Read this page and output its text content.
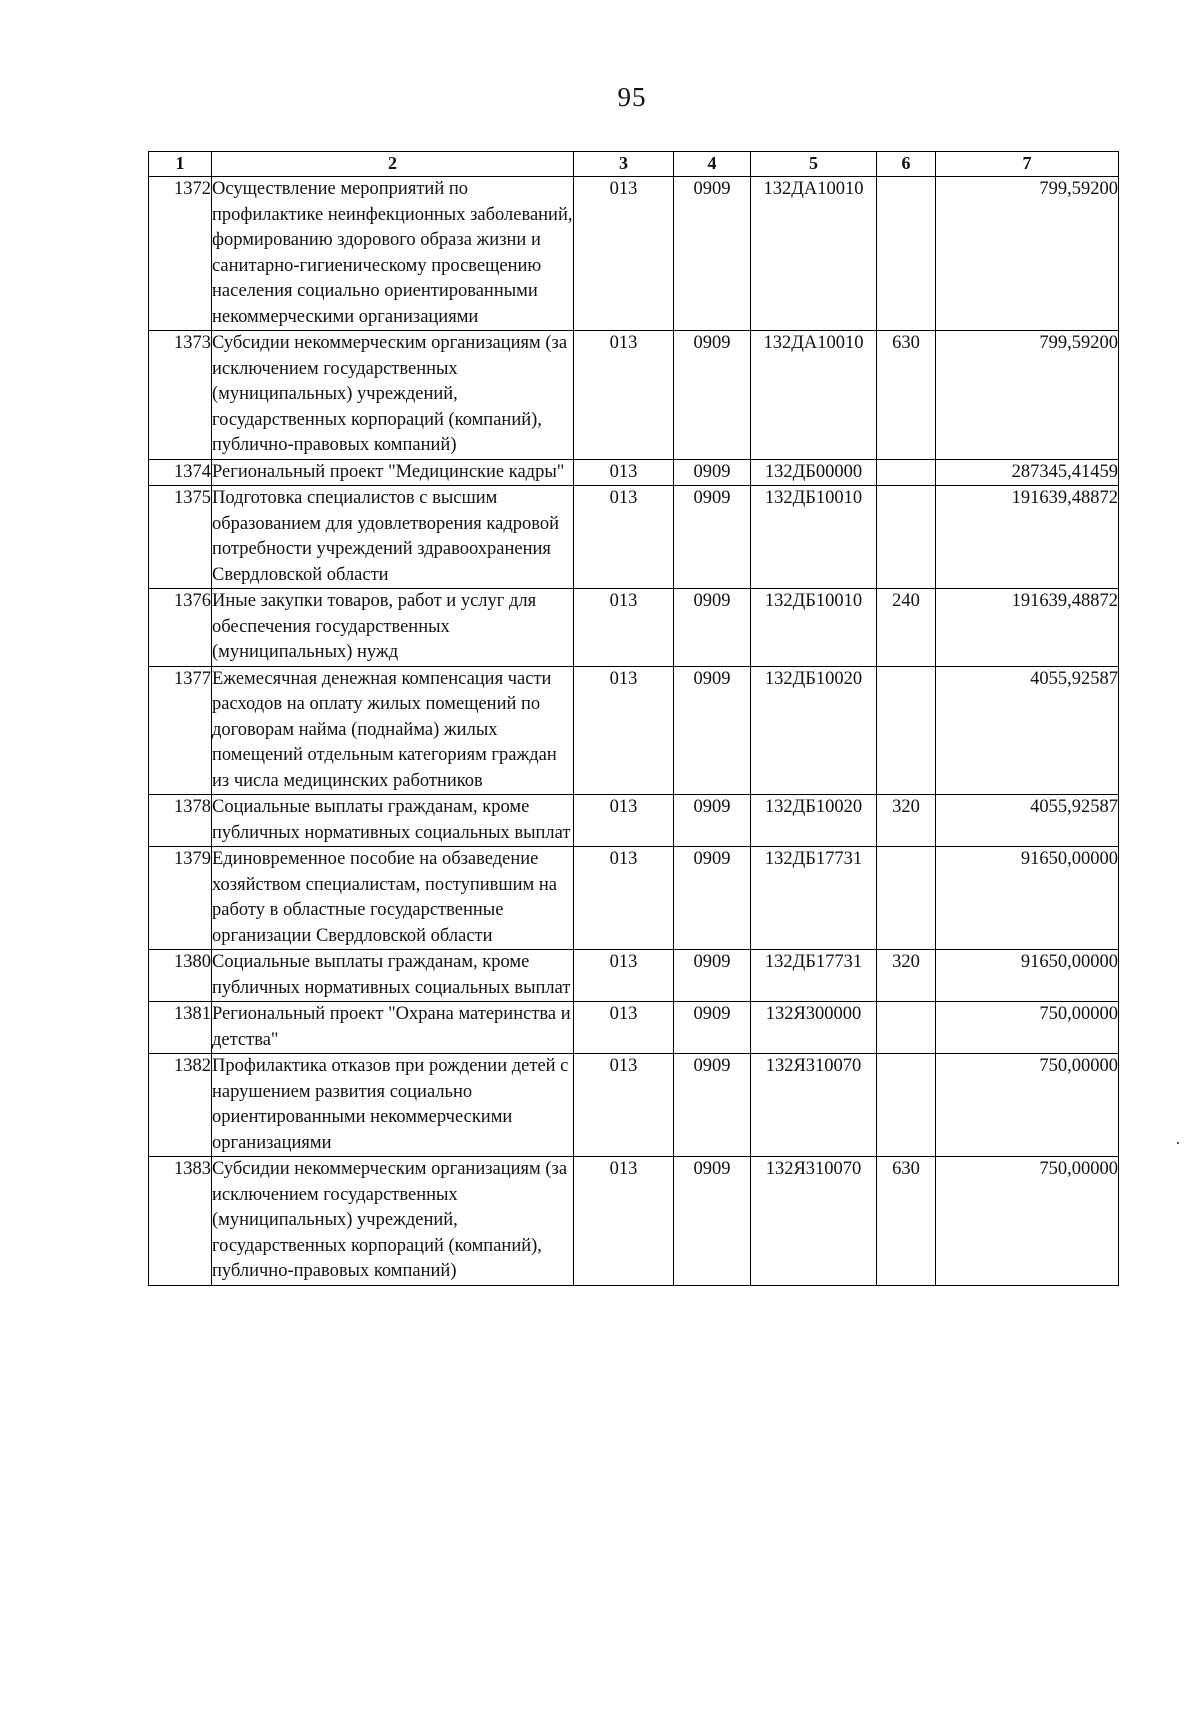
95
1	2	3	4	5	6	7
1372	Осуществление мероприятий по профилактике неинфекционных заболеваний, формированию здорового образа жизни и санитарно-гигиеническому просвещению населения социально ориентированными некоммерческими организациями	013	0909	132ДА10010		799,59200
1373	Субсидии некоммерческим организациям (за исключением государственных (муниципальных) учреждений, государственных корпораций (компаний), публично-правовых компаний)	013	0909	132ДА10010	630	799,59200
1374	Региональный проект "Медицинские кадры"	013	0909	132ДБ00000		287345,41459
1375	Подготовка специалистов с высшим образованием для удовлетворения кадровой потребности учреждений здравоохранения Свердловской области	013	0909	132ДБ10010		191639,48872
1376	Иные закупки товаров, работ и услуг для обеспечения государственных (муниципальных) нужд	013	0909	132ДБ10010	240	191639,48872
1377	Ежемесячная денежная компенсация части расходов на оплату жилых помещений по договорам найма (поднайма) жилых помещений отдельным категориям граждан из числа медицинских работников	013	0909	132ДБ10020		4055,92587
1378	Социальные выплаты гражданам, кроме публичных нормативных социальных выплат	013	0909	132ДБ10020	320	4055,92587
1379	Единовременное пособие на обзаведение хозяйством специалистам, поступившим на работу в областные государственные организации Свердловской области	013	0909	132ДБ17731		91650,00000
1380	Социальные выплаты гражданам, кроме публичных нормативных социальных выплат	013	0909	132ДБ17731	320	91650,00000
1381	Региональный проект "Охрана материнства и детства"	013	0909	132Я300000		750,00000
1382	Профилактика отказов при рождении детей с нарушением развития социально ориентированными некоммерческими организациями	013	0909	132Я310070		750,00000
1383	Субсидии некоммерческим организациям (за исключением государственных (муниципальных) учреждений, государственных корпораций (компаний), публично-правовых компаний)	013	0909	132Я310070	630	750,00000
